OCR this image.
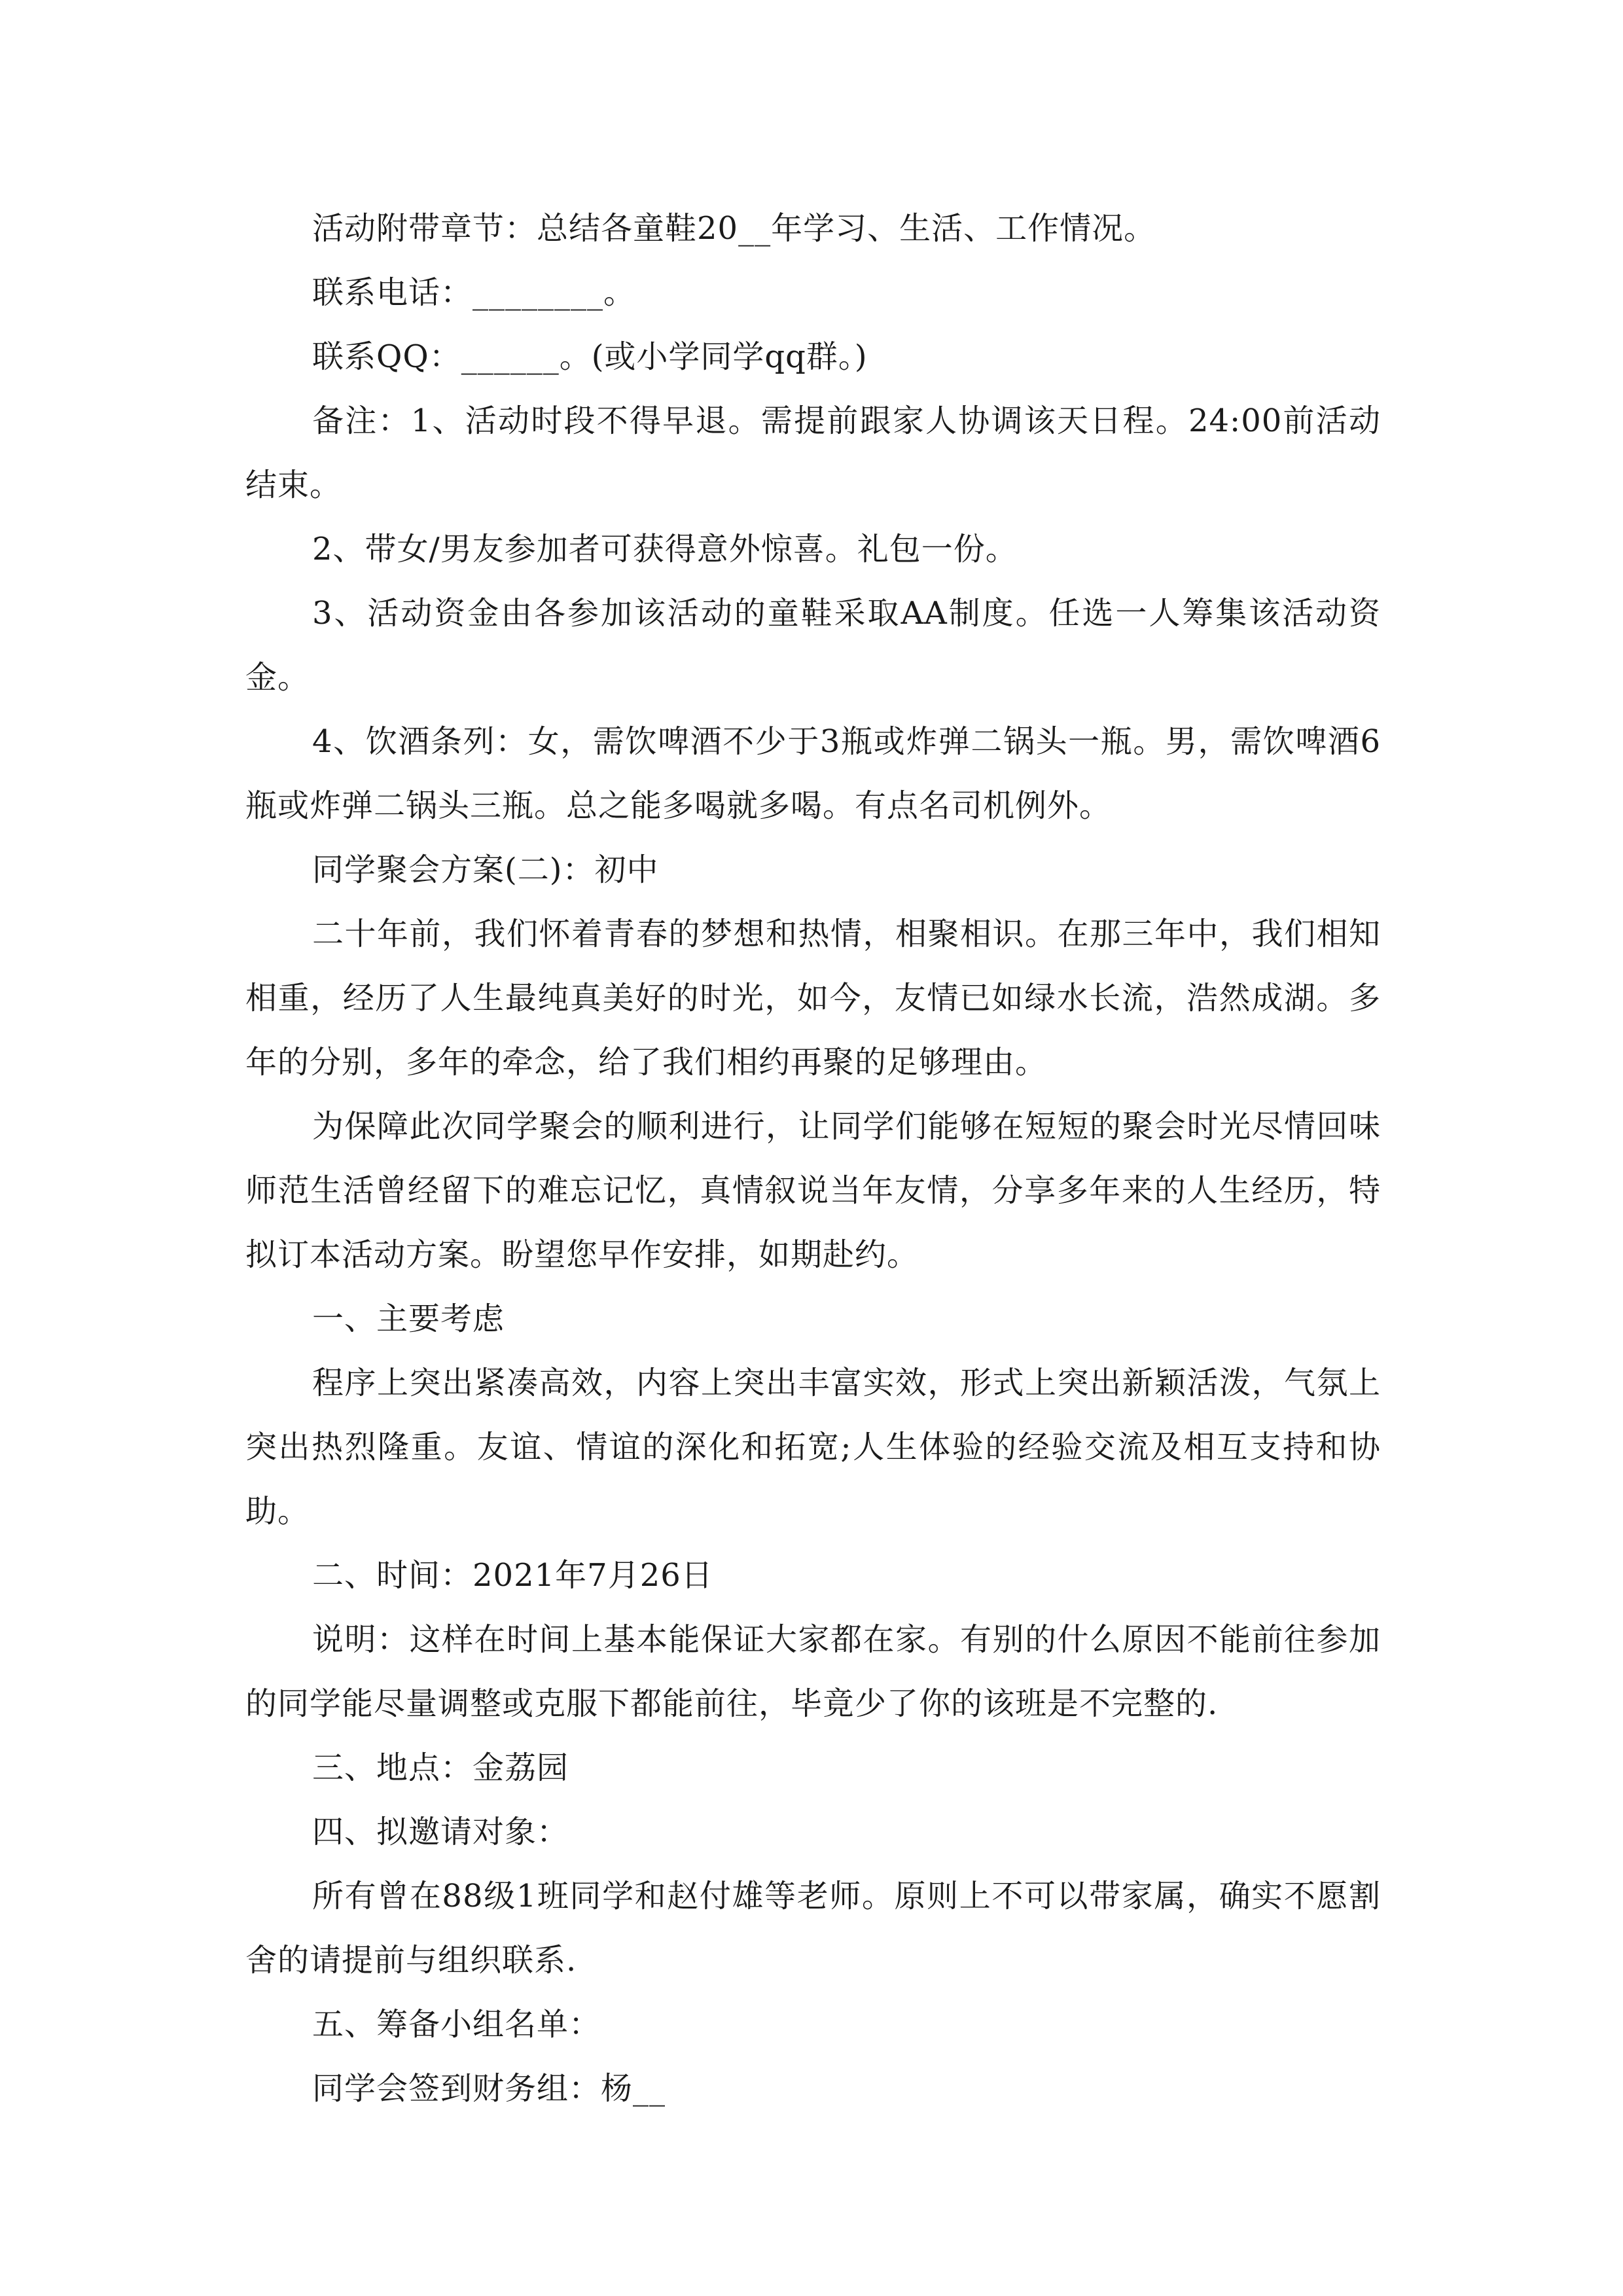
活动附带章节：总结各童鞋20__年学习、生活、工作情况。

联系电话：________。

联系QQ：______。(或小学同学qq群。)

备注：1、活动时段不得早退。需提前跟家人协调该天日程。24:00前活动结束。

2、带女/男友参加者可获得意外惊喜。礼包一份。

3、活动资金由各参加该活动的童鞋采取AA制度。任选一人筹集该活动资金。

4、饮酒条列：女，需饮啤酒不少于3瓶或炸弹二锅头一瓶。男，需饮啤酒6瓶或炸弹二锅头三瓶。总之能多喝就多喝。有点名司机例外。

同学聚会方案(二)：初中

二十年前，我们怀着青春的梦想和热情，相聚相识。在那三年中，我们相知相重，经历了人生最纯真美好的时光，如今，友情已如绿水长流，浩然成湖。多年的分别，多年的牵念，给了我们相约再聚的足够理由。

为保障此次同学聚会的顺利进行，让同学们能够在短短的聚会时光尽情回味师范生活曾经留下的难忘记忆，真情叙说当年友情，分享多年来的人生经历，特拟订本活动方案。盼望您早作安排，如期赴约。

一、主要考虑

程序上突出紧凑高效，内容上突出丰富实效，形式上突出新颖活泼，气氛上突出热烈隆重。友谊、情谊的深化和拓宽;人生体验的经验交流及相互支持和协助。

二、时间：2021年7月26日

说明：这样在时间上基本能保证大家都在家。有别的什么原因不能前往参加的同学能尽量调整或克服下都能前往，毕竟少了你的该班是不完整的.

三、地点：金荔园

四、拟邀请对象：

所有曾在88级1班同学和赵付雄等老师。原则上不可以带家属，确实不愿割舍的请提前与组织联系.

五、筹备小组名单：

同学会签到财务组：杨__
